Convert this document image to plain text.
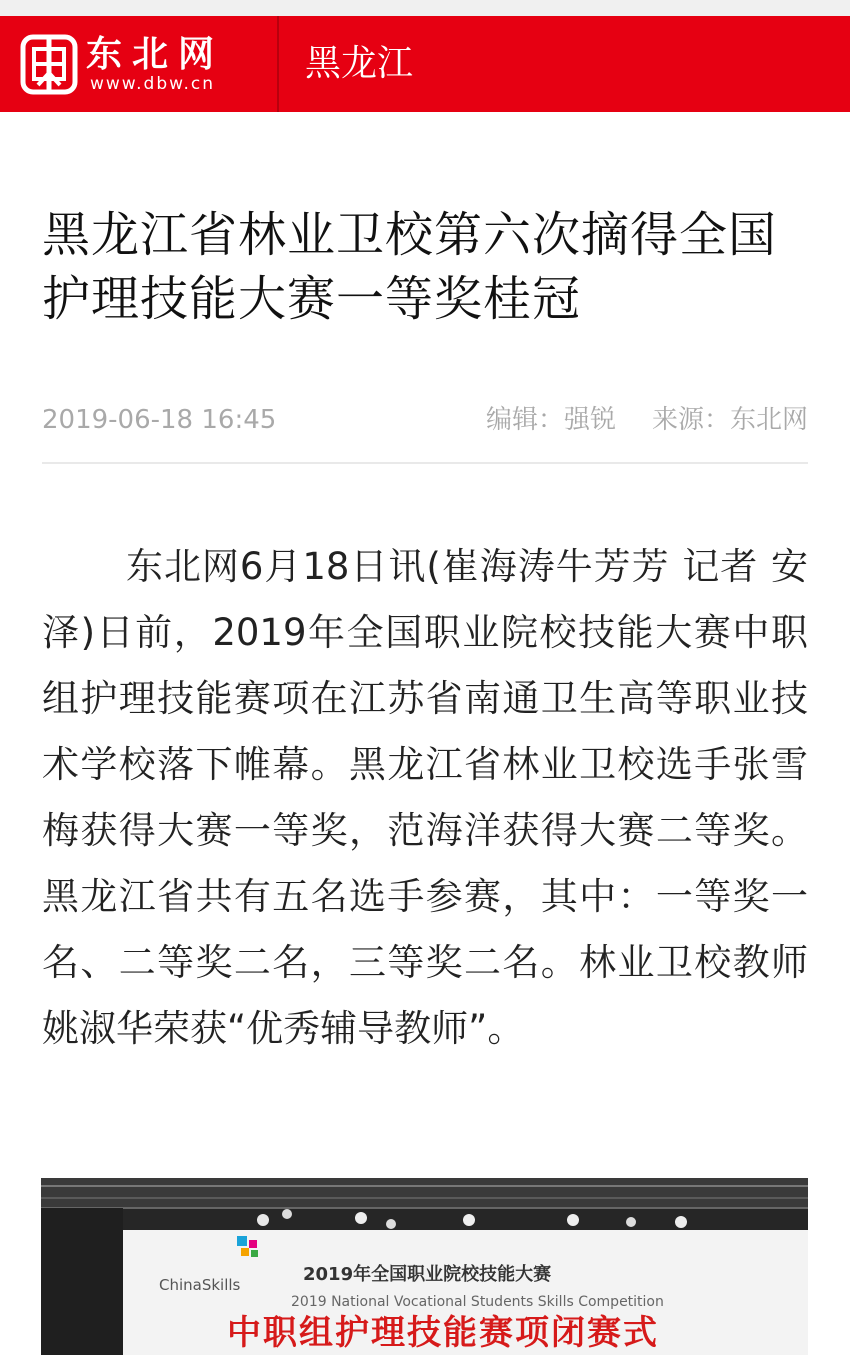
东北网
www.dbw.cn 黑龙江
黑龙江省林业卫校第六次摘得全国护理技能大赛一等奖桂冠
2019-06-18 16:45	编辑：强锐 来源：东北网

东北网6月18日讯(崔海涛牛芳芳 记者 安泽)日前，2019年全国职业院校技能大赛中职组护理技能赛项在江苏省南通卫生高等职业技术学校落下帷幕。黑龙江省林业卫校选手张雪梅获得大赛一等奖，范海洋获得大赛二等奖。黑龙江省共有五名选手参赛，其中：一等奖一名、二等奖二名，三等奖二名。林业卫校教师姚淑华荣获“优秀辅导教师”。

ChinaSkills	2019年全国职业院校技能大赛
2019 National Vocational Students Skills Competition
中职组护理技能赛项闭赛式
